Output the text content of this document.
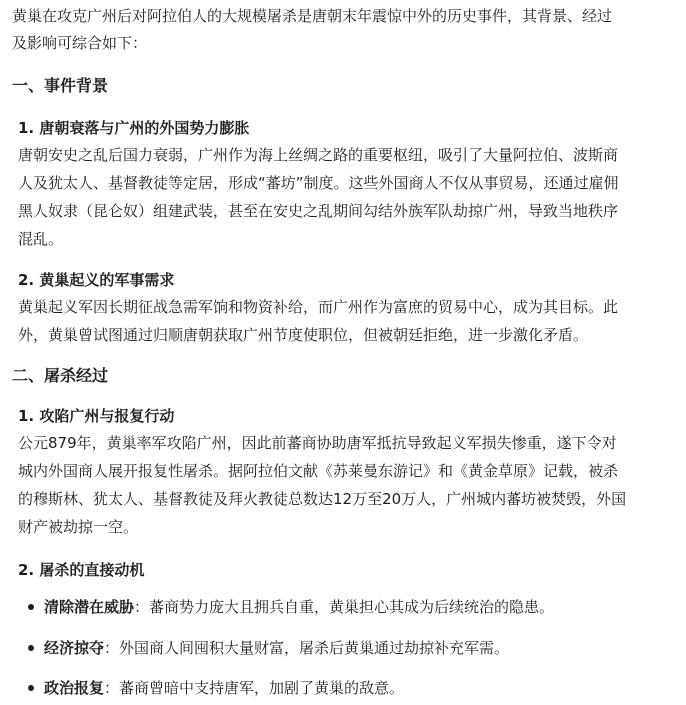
黄巢在攻克广州后对阿拉伯人的大规模屠杀是唐朝末年震惊中外的历史事件，其背景、经过
及影响可综合如下：
一、事件背景
1. 唐朝衰落与广州的外国势力膨胀
唐朝安史之乱后国力衰弱，广州作为海上丝绸之路的重要枢纽，吸引了大量阿拉伯、波斯商
人及犹太人、基督教徒等定居，形成“蕃坊”制度。这些外国商人不仅从事贸易，还通过雇佣
黑人奴隶（昆仑奴）组建武装，甚至在安史之乱期间勾结外族军队劫掠广州，导致当地秩序
混乱。
2. 黄巢起义的军事需求
黄巢起义军因长期征战急需军饷和物资补给，而广州作为富庶的贸易中心，成为其目标。此
外，黄巢曾试图通过归顺唐朝获取广州节度使职位，但被朝廷拒绝，进一步激化矛盾。
二、屠杀经过
1. 攻陷广州与报复行动
公元879年，黄巢率军攻陷广州，因此前蕃商协助唐军抵抗导致起义军损失惨重，遂下令对
城内外国商人展开报复性屠杀。据阿拉伯文献《苏莱曼东游记》和《黄金草原》记载，被杀
的穆斯林、犹太人、基督教徒及拜火教徒总数达12万至20万人，广州城内蕃坊被焚毁，外国
财产被劫掠一空。
2. 屠杀的直接动机
清除潜在威胁：蕃商势力庞大且拥兵自重，黄巢担心其成为后续统治的隐患。
经济掠夺：外国商人间囤积大量财富，屠杀后黄巢通过劫掠补充军需。
政治报复：蕃商曾暗中支持唐军，加剧了黄巢的敌意。
